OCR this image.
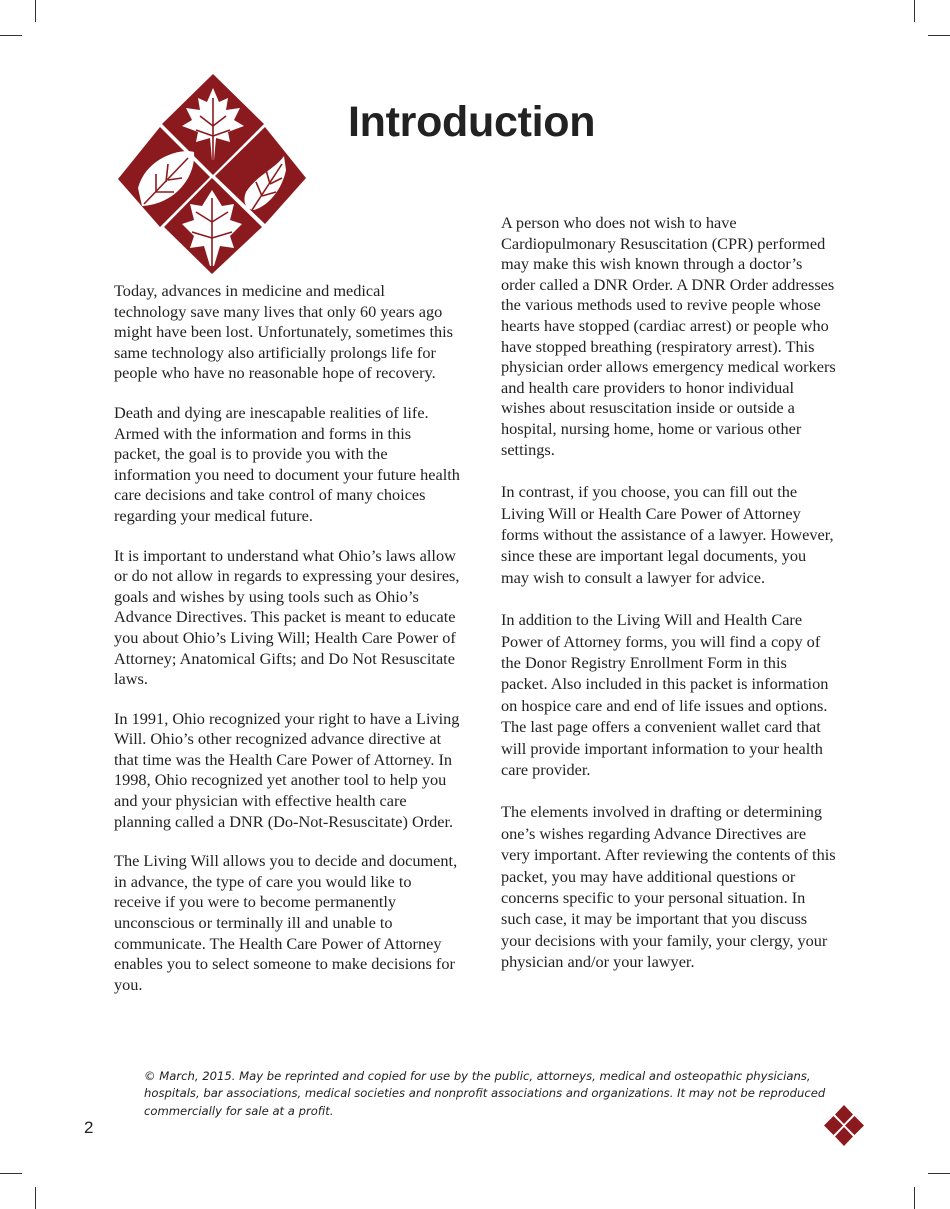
Introduction

Today, advances in medicine and medical technology save many lives that only 60 years ago might have been lost. Unfortunately, sometimes this same technology also artificially prolongs life for people who have no reasonable hope of recovery.

Death and dying are inescapable realities of life. Armed with the information and forms in this packet, the goal is to provide you with the information you need to document your future health care decisions and take control of many choices regarding your medical future.

It is important to understand what Ohio’s laws allow or do not allow in regards to expressing your desires, goals and wishes by using tools such as Ohio’s Advance Directives. This packet is meant to educate you about Ohio’s Living Will; Health Care Power of Attorney; Anatomical Gifts; and Do Not Resuscitate laws.

In 1991, Ohio recognized your right to have a Living Will. Ohio’s other recognized advance directive at that time was the Health Care Power of Attorney. In 1998, Ohio recognized yet another tool to help you and your physician with effective health care planning called a DNR (Do-Not-Resuscitate) Order.

The Living Will allows you to decide and document, in advance, the type of care you would like to receive if you were to become permanently unconscious or terminally ill and unable to communicate. The Health Care Power of Attorney enables you to select someone to make decisions for you.

A person who does not wish to have Cardiopulmonary Resuscitation (CPR) performed may make this wish known through a doctor’s order called a DNR Order. A DNR Order addresses the various methods used to revive people whose hearts have stopped (cardiac arrest) or people who have stopped breathing (respiratory arrest). This physician order allows emergency medical workers and health care providers to honor individual wishes about resuscitation inside or outside a hospital, nursing home, home or various other settings.

In contrast, if you choose, you can fill out the Living Will or Health Care Power of Attorney forms without the assistance of a lawyer. However, since these are important legal documents, you may wish to consult a lawyer for advice.

In addition to the Living Will and Health Care Power of Attorney forms, you will find a copy of the Donor Registry Enrollment Form in this packet. Also included in this packet is information on hospice care and end of life issues and options. The last page offers a convenient wallet card that will provide important information to your health care provider.

The elements involved in drafting or determining one’s wishes regarding Advance Directives are very important. After reviewing the contents of this packet, you may have additional questions or concerns specific to your personal situation. In such case, it may be important that you discuss your decisions with your family, your clergy, your physician and/or your lawyer.

© March, 2015. May be reprinted and copied for use by the public, attorneys, medical and osteopathic physicians, hospitals, bar associations, medical societies and nonprofit associations and organizations. It may not be reproduced commercially for sale at a profit.

2
